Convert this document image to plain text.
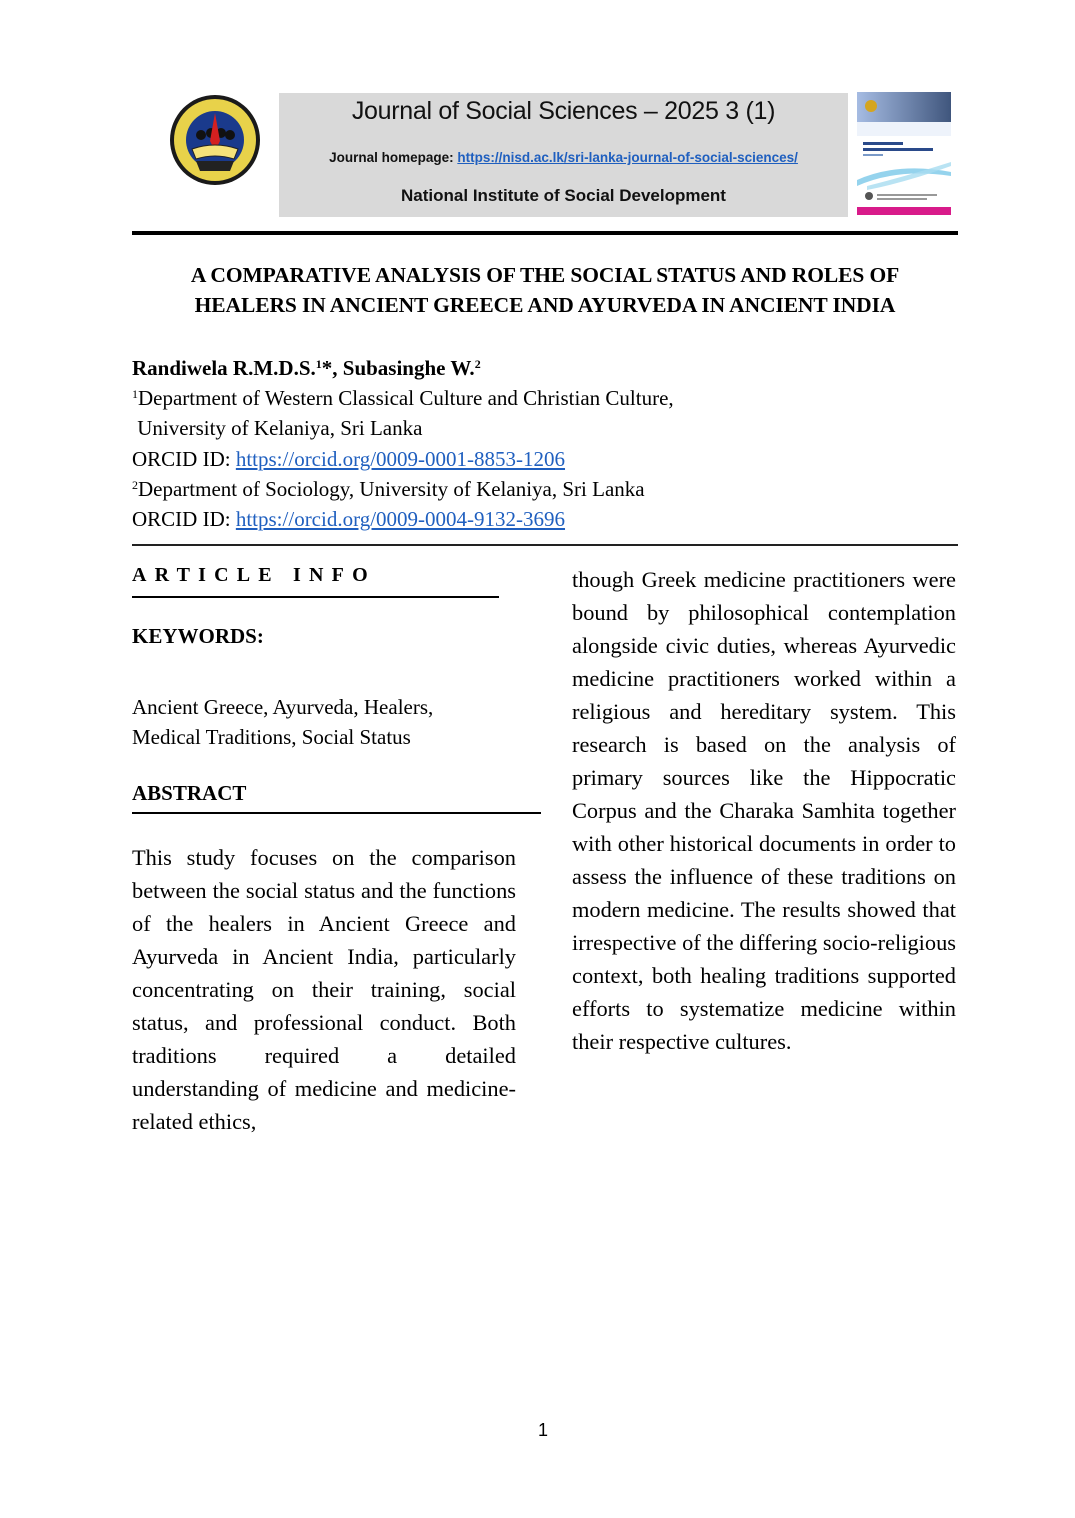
Journal of Social Sciences – 2025 3 (1)
Journal homepage: https://nisd.ac.lk/sri-lanka-journal-of-social-sciences/
National Institute of Social Development
A COMPARATIVE ANALYSIS OF THE SOCIAL STATUS AND ROLES OF
HEALERS IN ANCIENT GREECE AND AYURVEDA IN ANCIENT INDIA
Randiwela R.M.D.S.$^1$*, Subasinghe W.$^2$
$^1$Department of Western Classical Culture and Christian Culture,
University of Kelaniya, Sri Lanka
ORCID ID: https://orcid.org/0009-0001-8853-1206
$^2$Department of Sociology, University of Kelaniya, Sri Lanka
ORCID ID: https://orcid.org/0009-0004-9132-3696
ARTICLE INFO
KEYWORDS:
Ancient Greece, Ayurveda, Healers,
Medical Traditions, Social Status
ABSTRACT

This study focuses on the comparison between the social status and the functions of the healers in Ancient Greece and Ayurveda in Ancient India, particularly concentrating on their training, social status, and professional conduct. Both traditions required a detailed understanding of medicine and medicine-related ethics,

though Greek medicine practitioners were bound by philosophical contemplation alongside civic duties, whereas Ayurvedic medicine practitioners worked within a religious and hereditary system. This research is based on the analysis of primary sources like the Hippocratic Corpus and the Charaka Samhita together with other historical documents in order to assess the influence of these traditions on modern medicine. The results showed that irrespective of the differing socio-religious context, both healing traditions supported efforts to systematize medicine within their respective cultures.

1
